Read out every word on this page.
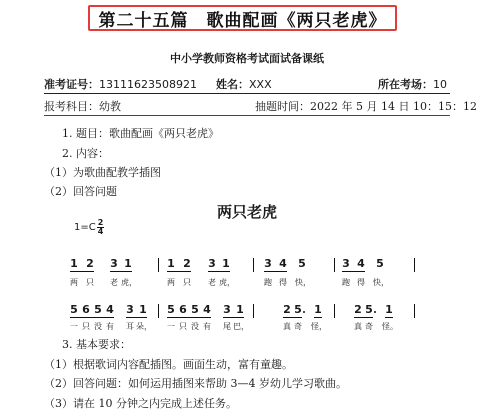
第二十五篇　歌曲配画《两只老虎》
中小学教师资格考试面试备课纸
准考证号：13111623508921 姓名：XXX	所在考场：10
报考科目：幼教	抽题时间：2022 年 5 月 14 日 10：15：12
1. 题目：歌曲配画《两只老虎》
2. 内容：
（1）为歌曲配教学插图
（2）回答问题
两只老虎
$1=C \frac{2}{4}$
1 2 3 1	1 2 3 1	3 4 5	3 4 5
两	只	老 虎，	两	只	老 虎，	跑 得	快，	跑 得	快，
5 6 5 4 3 1 5 6 5 4 3 1	2 5 1	2 5 1
一 只 没 有	耳 朵，	一 只 没 有	尾 巴，	真 奇	怪，	真 奇	怪。
3. 基本要求：
（1）根据歌词内容配插图。画面生动，富有童趣。
（2）回答问题：如何运用插图来帮助 3—4 岁幼儿学习歌曲。
（3）请在 10 分钟之内完成上述任务。
